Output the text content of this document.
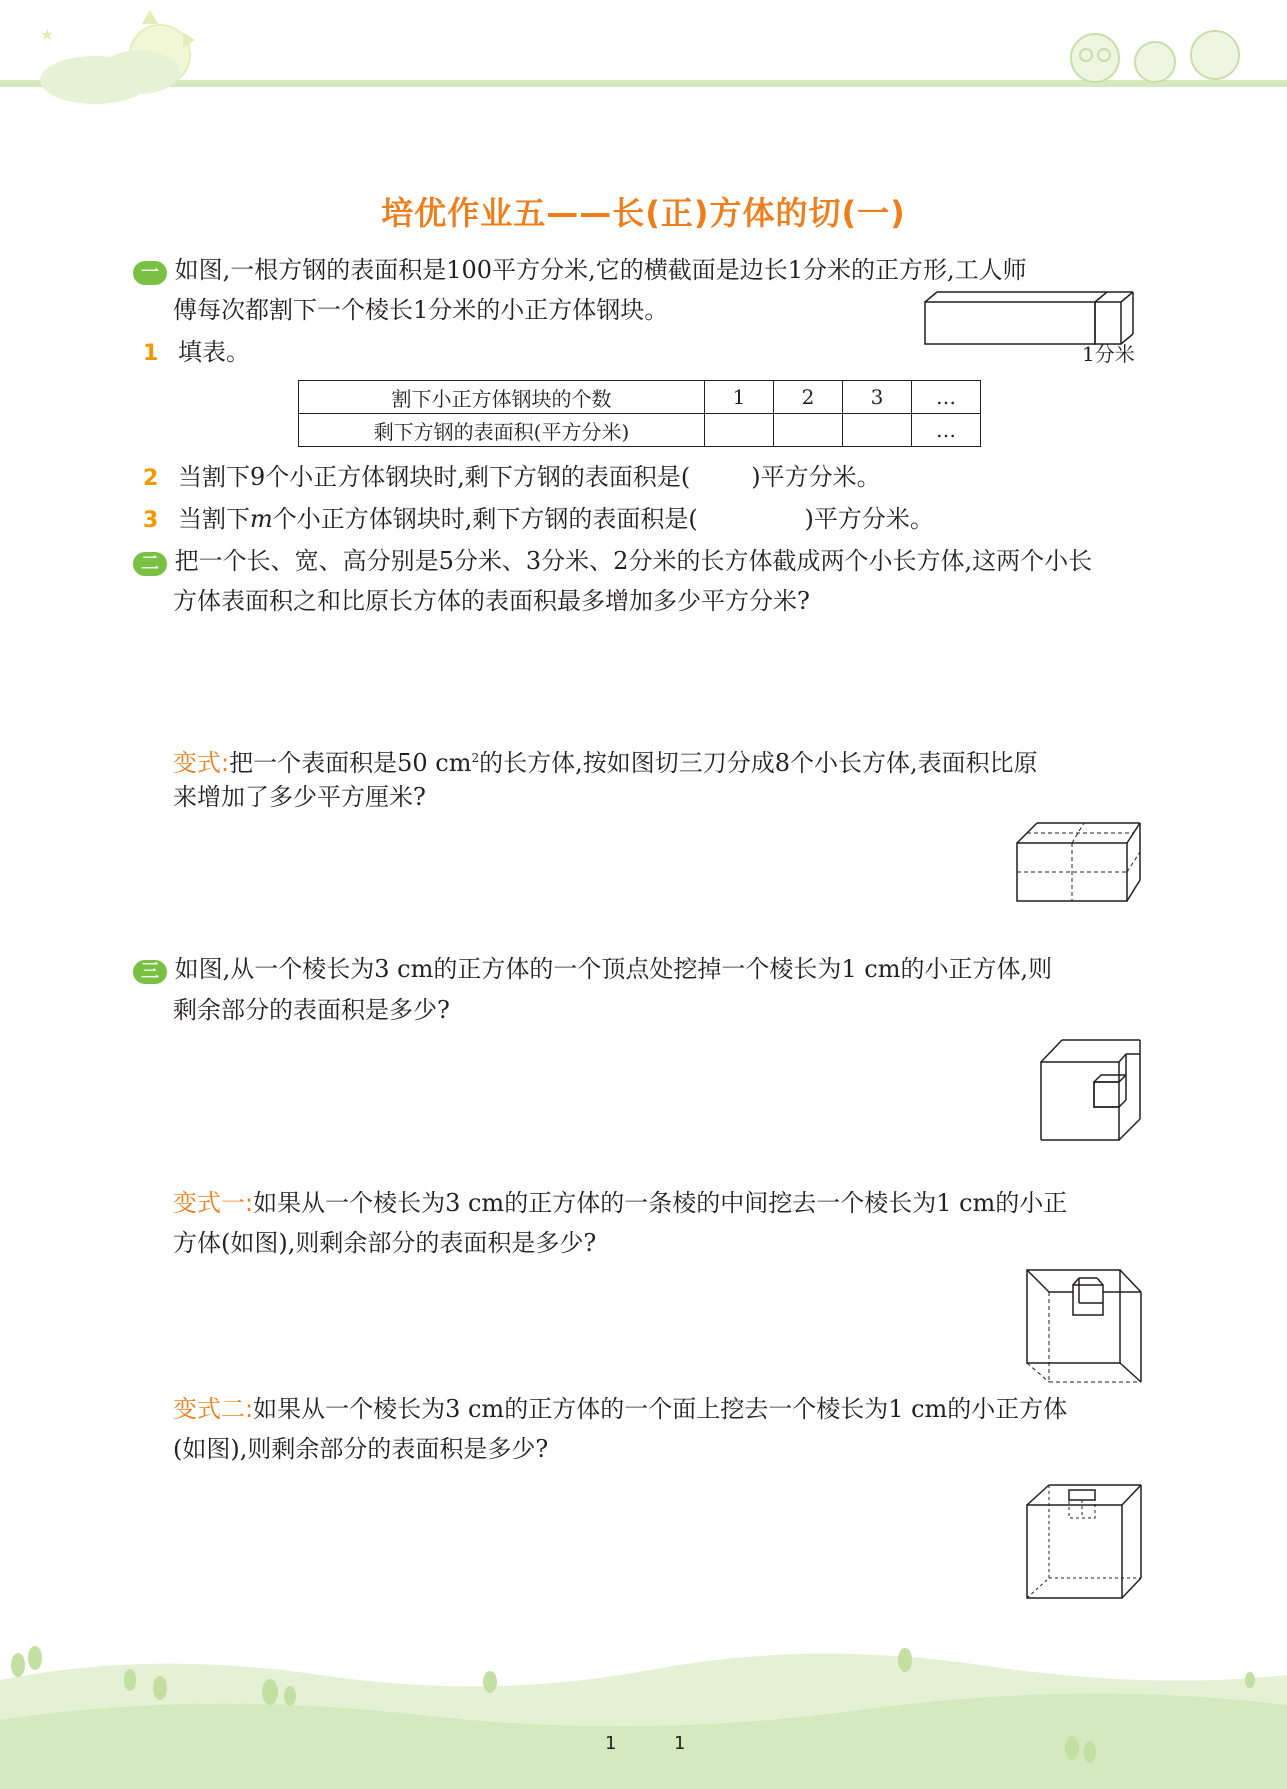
★
培优作业五——长(正)方体的切(一)
一 如图,一根方钢的表面积是100平方分米,它的横截面是边长1分米的正方形,工人师
傅每次都割下一个棱长1分米的小正方体钢块。
1分米
1 填表。
割下小正方体钢块的个数	1	2	3	…
剩下方钢的表面积(平方分米)				…
2 当割下9个小正方体钢块时,剩下方钢的表面积是(        )平方分米。
3 当割下m个小正方体钢块时,剩下方钢的表面积是(              )平方分米。
二 把一个长、宽、高分别是5分米、3分米、2分米的长方体截成两个小长方体,这两个小长
方体表面积之和比原长方体的表面积最多增加多少平方分米?
变式:把一个表面积是50 $cm^2$的长方体,按如图切三刀分成8个小长方体,表面积比原
来增加了多少平方厘米?
三 如图,从一个棱长为3 cm的正方体的一个顶点处挖掉一个棱长为1 cm的小正方体,则
剩余部分的表面积是多少?
变式一:如果从一个棱长为3 cm的正方体的一条棱的中间挖去一个棱长为1 cm的小正
方体(如图),则剩余部分的表面积是多少?
变式二:如果从一个棱长为3 cm的正方体的一个面上挖去一个棱长为1 cm的小正方体
(如图),则剩余部分的表面积是多少?
1	1
